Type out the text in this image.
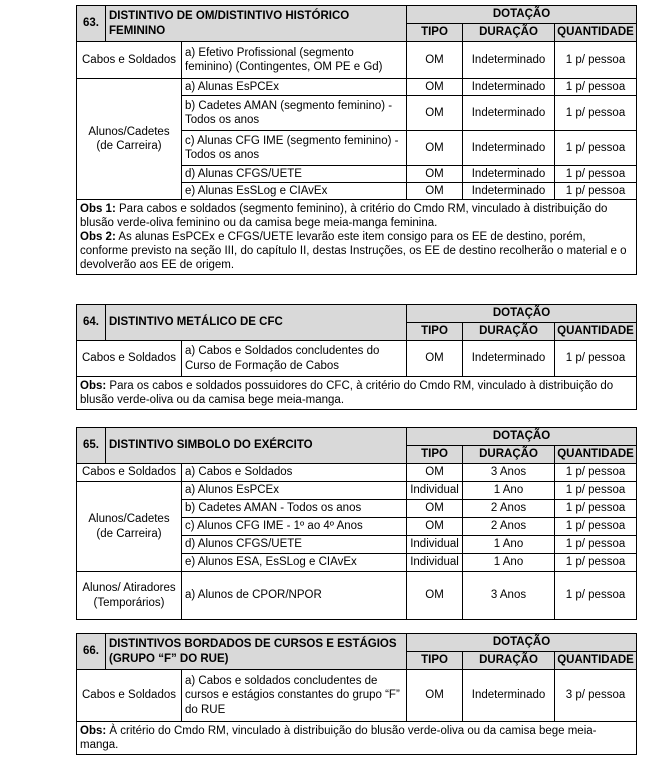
63.	DISTINTIVO DE OM/DISTINTIVO HISTÓRICO FEMININO		DOTAÇÃO		
			TIPO	DURAÇÃO	QUANTIDADE
Cabos e Soldados		a) Efetivo Profissional (segmento feminino) (Contingentes, OM PE e Gd)	OM	Indeterminado	1 p/ pessoa
Alunos/Cadetes (de Carreira)		a) Alunas EsPCEx	OM	Indeterminado	1 p/ pessoa
		b) Cadetes AMAN (segmento feminino) - Todos os anos	OM	Indeterminado	1 p/ pessoa
		c) Alunas CFG IME (segmento feminino) - Todos os anos	OM	Indeterminado	1 p/ pessoa
		d) Alunas CFGS/UETE	OM	Indeterminado	1 p/ pessoa
		e) Alunas EsSLog e CIAvEx	OM	Indeterminado	1 p/ pessoa

Obs 1: Para cabos e soldados (segmento feminino), à critério do Cmdo RM, vinculado à distribuição do blusão verde-oliva feminino ou da camisa bege meia-manga feminina.

Obs 2: As alunas EsPCEx e CFGS/UETE levarão este item consigo para os EE de destino, porém, conforme previsto na seção III, do capítulo II, destas Instruções, os EE de destino recolherão o material e o devolverão aos EE de origem.					

64.	DISTINTIVO METÁLICO DE CFC		DOTAÇÃO		
			TIPO	DURAÇÃO	QUANTIDADE
Cabos e Soldados		a) Cabos e Soldados concludentes do Curso de Formação de Cabos	OM	Indeterminado	1 p/ pessoa

Obs: Para os cabos e soldados possuidores do CFC, à critério do Cmdo RM, vinculado à distribuição do blusão verde-oliva ou da camisa bege meia-manga.					

65.	DISTINTIVO SIMBOLO DO EXÉRCITO		DOTAÇÃO		
			TIPO	DURAÇÃO	QUANTIDADE
Cabos e Soldados		a) Cabos e Soldados	OM	3 Anos	1 p/ pessoa
Alunos/Cadetes (de Carreira)		a) Alunos EsPCEx	Individual	1 Ano	1 p/ pessoa
		b) Cadetes AMAN - Todos os anos	OM	2 Anos	1 p/ pessoa
		c) Alunos CFG IME - 1º ao 4º Anos	OM	2 Anos	1 p/ pessoa
		d) Alunos CFGS/UETE	Individual	1 Ano	1 p/ pessoa
		e) Alunos ESA, EsSLog e CIAvEx	Individual	1 Ano	1 p/ pessoa
Alunos/ Atiradores (Temporários)		a) Alunos de CPOR/NPOR	OM	3 Anos	1 p/ pessoa
66.	DISTINTIVOS BORDADOS DE CURSOS E ESTÁGIOS (GRUPO “F” DO RUE)		DOTAÇÃO		
			TIPO	DURAÇÃO	QUANTIDADE
Cabos e Soldados		a) Cabos e soldados concludentes de cursos e estágios constantes do grupo “F” do RUE	OM	Indeterminado	3 p/ pessoa

Obs: À critério do Cmdo RM, vinculado à distribuição do blusão verde-oliva ou da camisa bege meia-manga.					
